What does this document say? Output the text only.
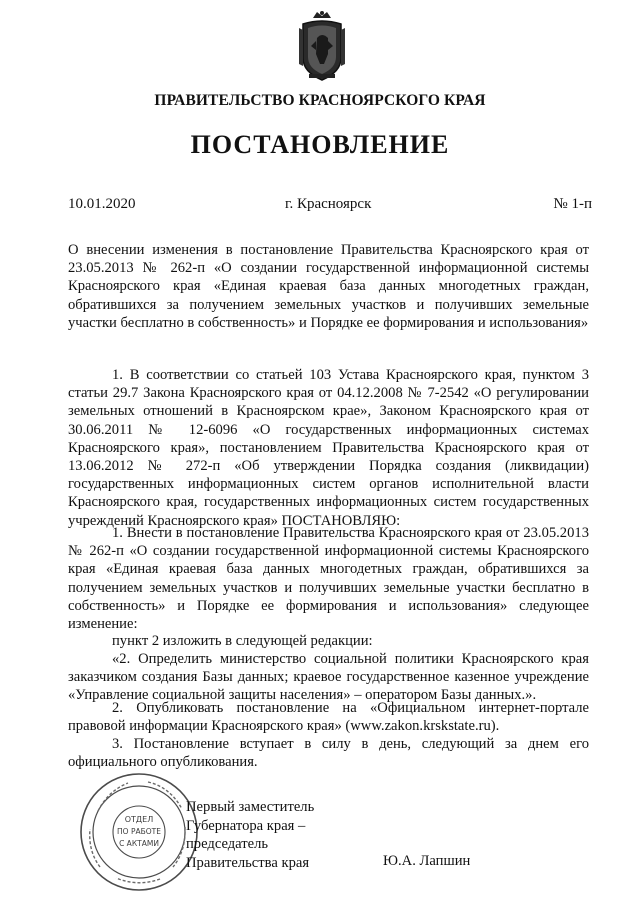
ПРАВИТЕЛЬСТВО КРАСНОЯРСКОГО КРАЯ
ПОСТАНОВЛЕНИЕ
10.01.2020	г. Красноярск	№ 1-п

О внесении изменения в постановление Правительства Красноярского края от 23.05.2013 № 262-п «О создании государственной информационной системы Красноярского края «Единая краевая база данных многодетных граждан, обратившихся за получением земельных участков и получивших земельные участки бесплатно в собственность» и Порядке ее формирования и использования»

1. В соответствии со статьей 103 Устава Красноярского края, пунктом 3 статьи 29.7 Закона Красноярского края от 04.12.2008 № 7-2542 «О регулировании земельных отношений в Красноярском крае», Законом Красноярского края от 30.06.2011 № 12-6096 «О государственных информационных системах Красноярского края», постановлением Правительства Красноярского края от 13.06.2012 № 272-п «Об утверждении Порядка создания (ликвидации) государственных информационных систем органов исполнительной власти Красноярского края, государственных информационных систем государственных учреждений Красноярского края» ПОСТАНОВЛЯЮ:

1. Внести в постановление Правительства Красноярского края от 23.05.2013 № 262-п «О создании государственной информационной системы Красноярского края «Единая краевая база данных многодетных граждан, обратившихся за получением земельных участков и получивших земельные участки бесплатно в собственность» и Порядке ее формирования и использования» следующее изменение:

пункт 2 изложить в следующей редакции:

«2. Определить министерство социальной политики Красноярского края заказчиком создания Базы данных; краевое государственное казенное учреждение «Управление социальной защиты населения» – оператором Базы данных.».

2. Опубликовать постановление на «Официальном интернет-портале правовой информации Красноярского края» (www.zakon.krskstate.ru).

3. Постановление вступает в силу в день, следующий за днем его официального опубликования.

ОТДЕЛ
ПО РАБОТЕ
С АКТАМИ
Первый заместитель
Губернатора края –
председатель
Правительства края	Ю.А. Лапшин
